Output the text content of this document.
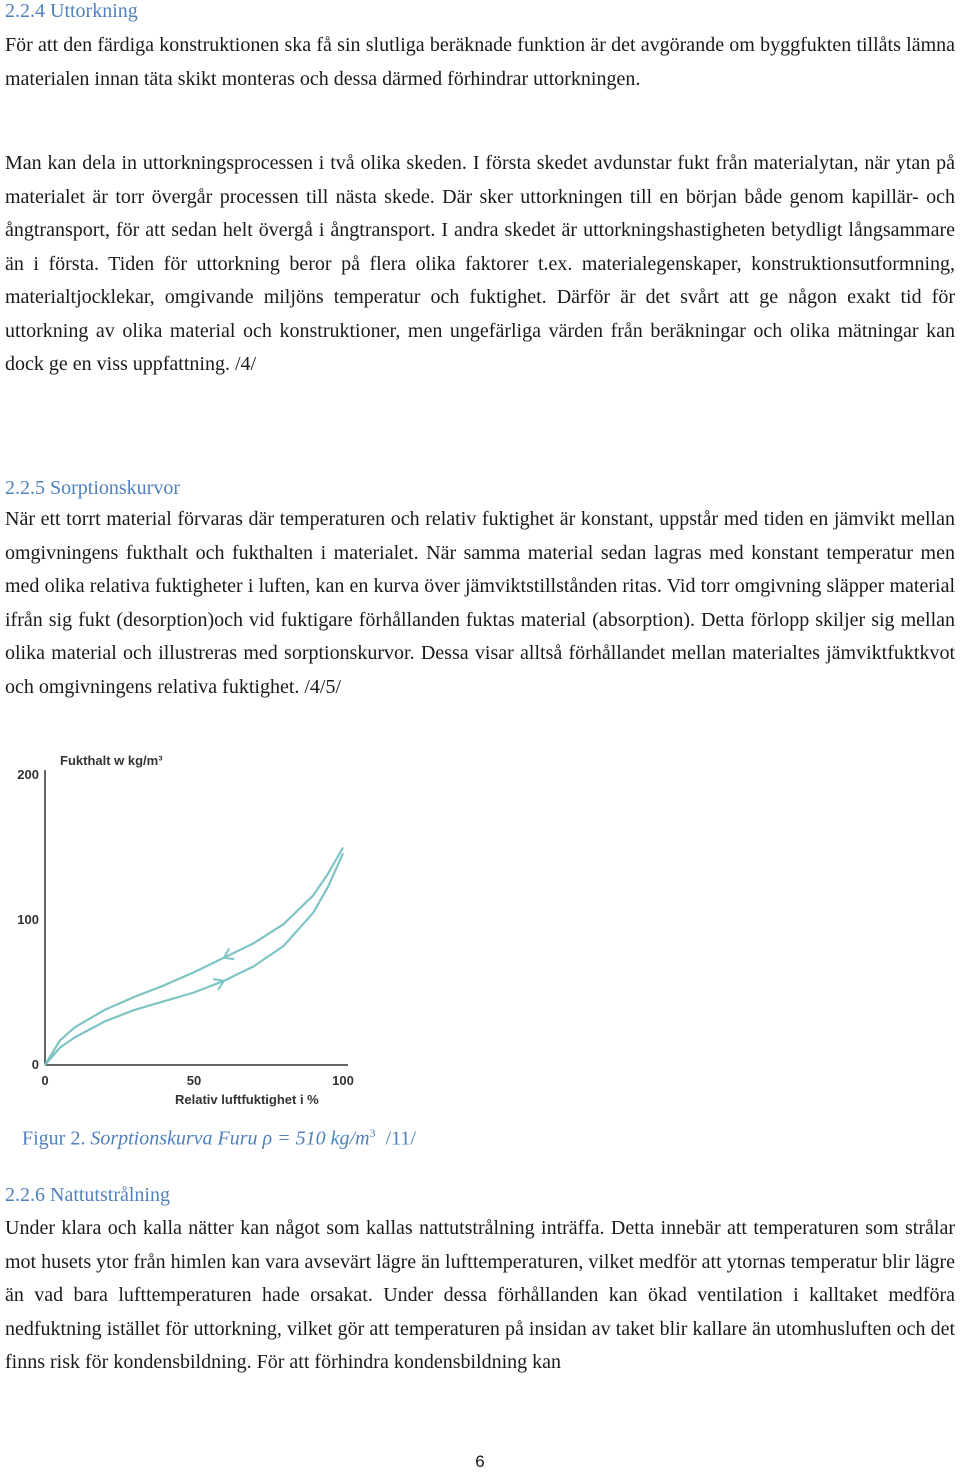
2.2.4 Uttorkning

För att den färdiga konstruktionen ska få sin slutliga beräknade funktion är det avgörande om byggfukten tillåts lämna materialen innan täta skikt monteras och dessa därmed förhindrar uttorkningen.

Man kan dela in uttorkningsprocessen i två olika skeden. I första skedet avdunstar fukt från materialytan, när ytan på materialet är torr övergår processen till nästa skede. Där sker uttorkningen till en början både genom kapillär- och ångtransport, för att sedan helt övergå i ångtransport. I andra skedet är uttorkningshastigheten betydligt långsammare än i första. Tiden för uttorkning beror på flera olika faktorer t.ex. materialegenskaper, konstruktionsutformning, materialtjocklekar, omgivande miljöns temperatur och fuktighet. Därför är det svårt att ge någon exakt tid för uttorkning av olika material och konstruktioner, men ungefärliga värden från beräkningar och olika mätningar kan dock ge en viss uppfattning. /4/

2.2.5 Sorptionskurvor

När ett torrt material förvaras där temperaturen och relativ fuktighet är konstant, uppstår med tiden en jämvikt mellan omgivningens fukthalt och fukthalten i materialet. När samma material sedan lagras med konstant temperatur men med olika relativa fuktigheter i luften, kan en kurva över jämviktstillstånden ritas. Vid torr omgivning släpper material ifrån sig fukt (desorption)och vid fuktigare förhållanden fuktas material (absorption). Detta förlopp skiljer sig mellan olika material och illustreras med sorptionskurvor. Dessa visar alltså förhållandet mellan materialtes jämviktfuktkvot och omgivningens relativa fuktighet. /4/5/

Fukthalt w kg/m³
0
100
200
0	50	100
Relativ luftfuktighet i %
Figur 2. Sorptionskurva Furu ρ = 510 $kg/m^3$ /11/
2.2.6 Nattutstrålning

Under klara och kalla nätter kan något som kallas nattutstrålning inträffa. Detta innebär att temperaturen som strålar mot husets ytor från himlen kan vara avsevärt lägre än lufttemperaturen, vilket medför att ytornas temperatur blir lägre än vad bara lufttemperaturen hade orsakat. Under dessa förhållanden kan ökad ventilation i kalltaket medföra nedfuktning istället för uttorkning, vilket gör att temperaturen på insidan av taket blir kallare än utomhusluften och det finns risk för kondensbildning. För att förhindra kondensbildning kan

6
